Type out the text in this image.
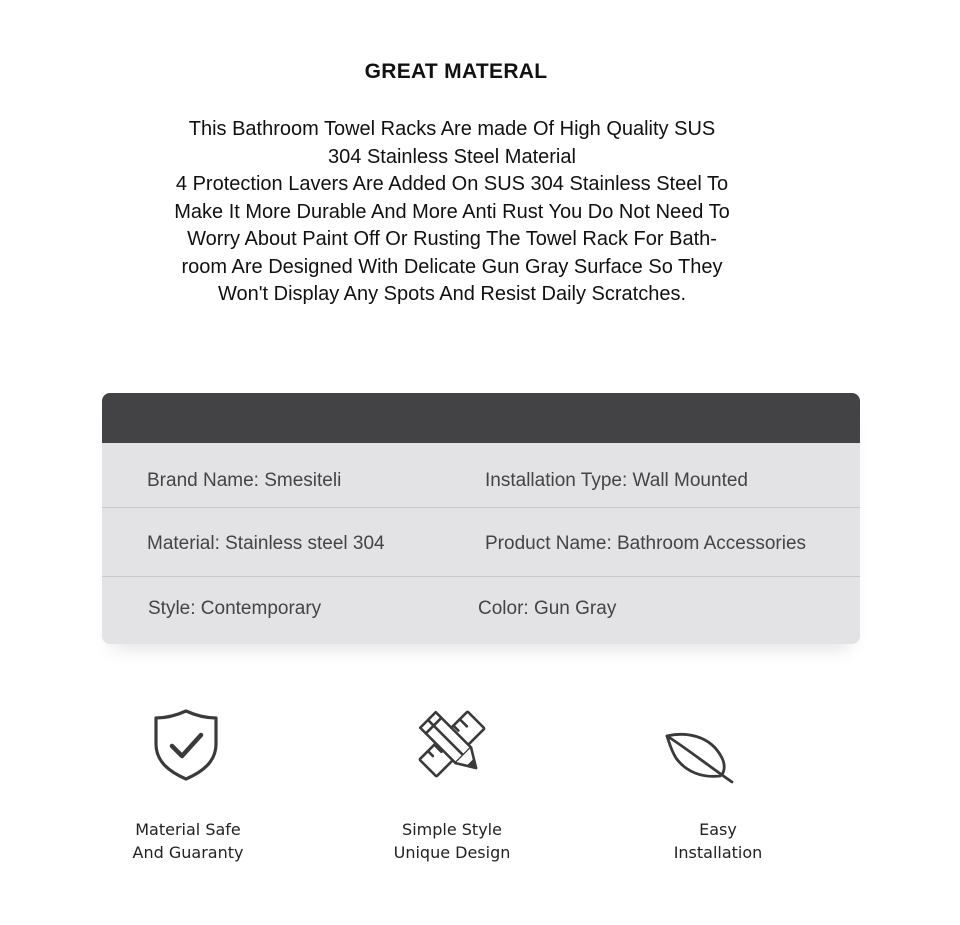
GREAT MATERAL
This Bathroom Towel Racks Are made Of High Quality SUS
304 Stainless Steel Material
4 Protection Lavers Are Added On SUS 304 Stainless Steel To
Make It More Durable And More Anti Rust You Do Not Need To
Worry About Paint Off Or Rusting The Towel Rack For Bath-
room Are Designed With Delicate Gun Gray Surface So They
Won't Display Any Spots And Resist Daily Scratches.
Brand Name: Smesiteli	Installation Type: Wall Mounted
Material: Stainless steel 304	Product Name: Bathroom Accessories
Style: Contemporary	Color: Gun Gray
Material Safe
And Guaranty
Simple Style
Unique Design
Easy
Installation
